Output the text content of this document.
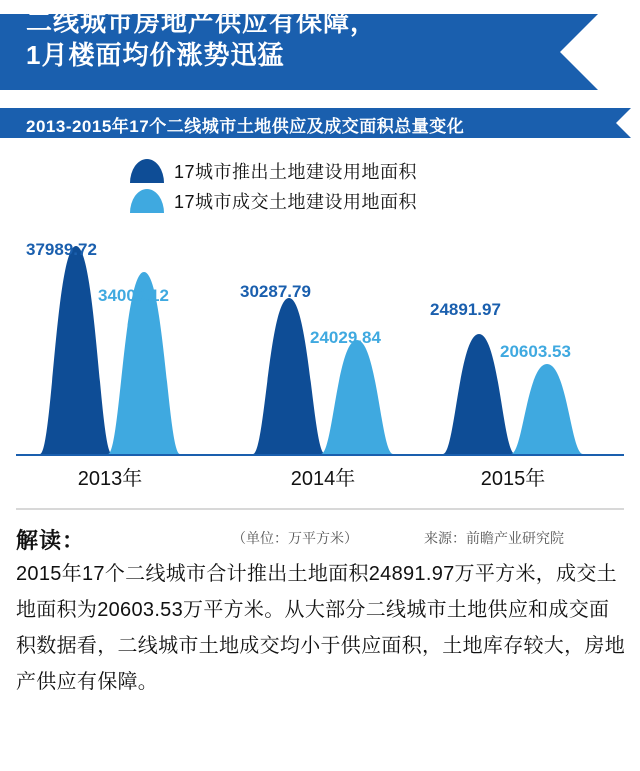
二线城市房地产供应有保障，
1月楼面均价涨势迅猛
2013-2015年17个二线城市土地供应及成交面积总量变化
17城市推出土地建设用地面积
17城市成交土地建设用地面积
37989.72
34000.12	30287.79
24029.84
24891.97
20603.53
2013年	2014年	2015年
解读：	（单位：万平方米）	来源：前瞻产业研究院
2015年17个二线城市合计推出土地面积24891.97万平方米，成交土地面积为20603.53万平方米。从大部分二线城市土地供应和成交面积数据看，二线城市土地成交均小于供应面积，土地库存较大，房地产供应有保障。
